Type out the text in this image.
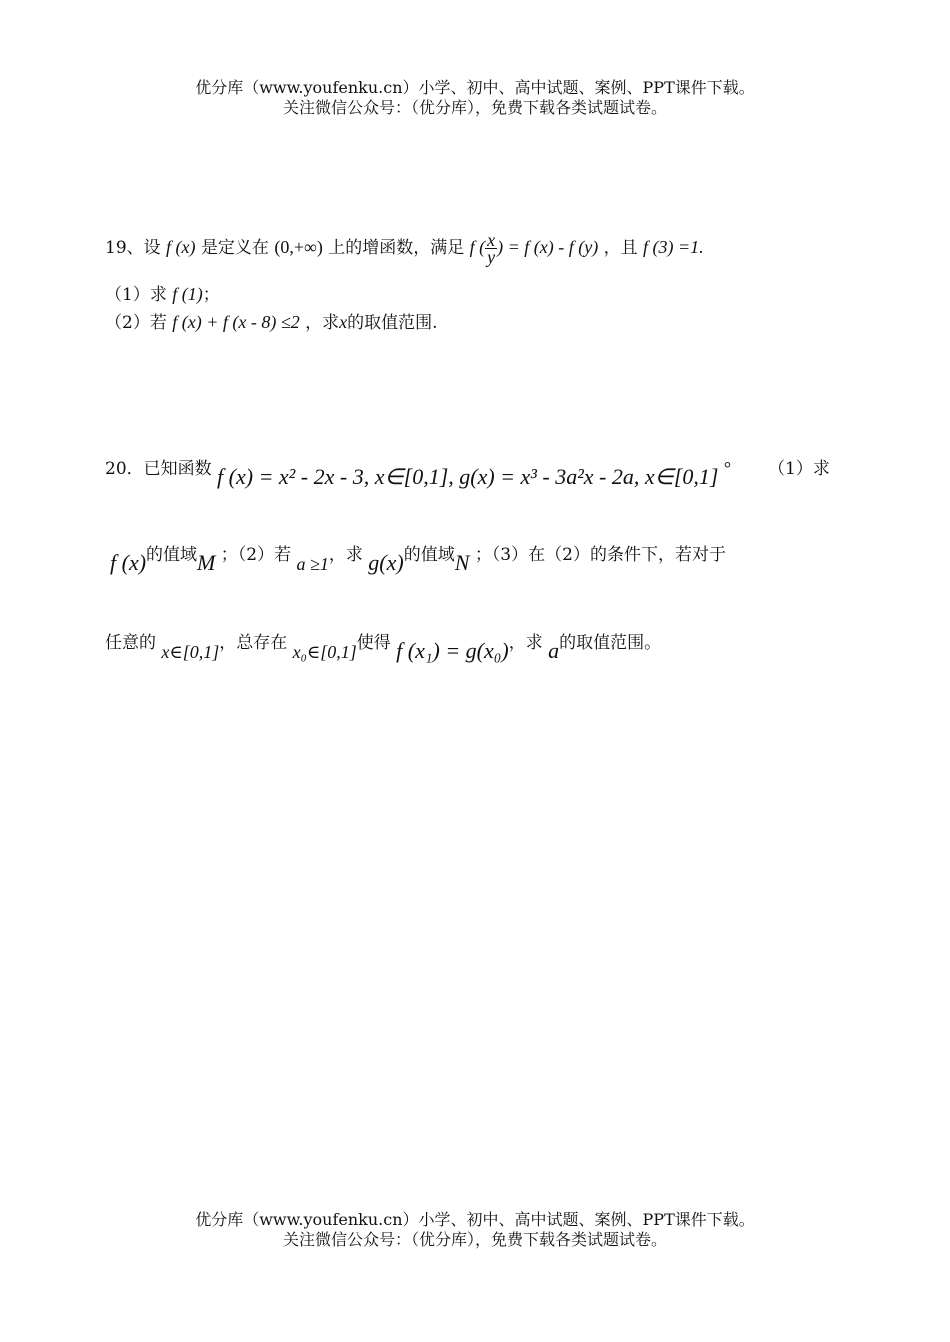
优分库（www.youfenku.cn）小学、初中、高中试题、案例、PPT课件下载。
关注微信公众号：（优分库），免费下载各类试题试卷。
19、设 f (x) 是定义在 (0,+∞) 上的增函数，满足 f ( $\frac{x}{y}$ ) = f (x) - f (y) ，且 f (3) =1.
（1）求 f (1)；
（2）若 f (x) + f (x - 8) ≤2 ，求x的取值范围.
20．已知函数 f (x) = x² - 2x - 3, x∈[0,1], g(x) = x³ - 3a²x - 2a, x∈[0,1] ° （1）求
f (x)的值域M ；（2）若 a ≥1，求 g(x)的值域N ；（3）在（2）的条件下，若对于
任意的 x∈[0,1]，总存在 x₀∈[0,1]使得 f (x₁) = g(x₀)，求 a的取值范围。
优分库（www.youfenku.cn）小学、初中、高中试题、案例、PPT课件下载。
关注微信公众号：（优分库），免费下载各类试题试卷。
